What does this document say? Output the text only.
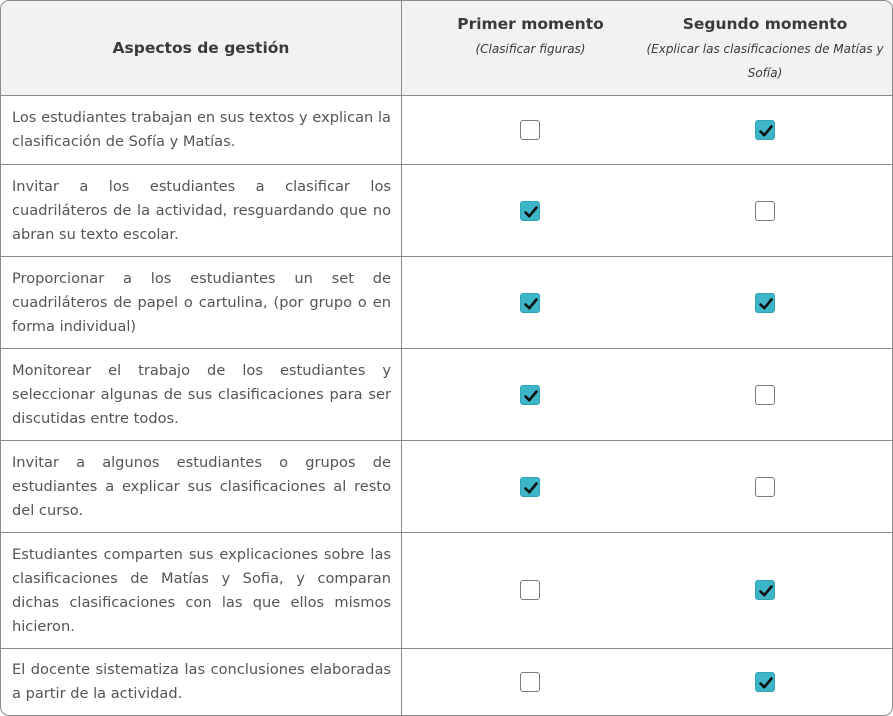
Aspectos de gestión
Primer momento
(Clasificar figuras)
Segundo momento
(Explicar las clasificaciones de Matías y
Sofía)
Los estudiantes trabajan en sus textos y explican la clasificación de Sofía y Matías.
Invitar a los estudiantes a clasificar los cuadriláteros de la actividad, resguardando que no abran su texto escolar.
Proporcionar a los estudiantes un set de cuadriláteros de papel o cartulina, (por grupo o en forma individual)
Monitorear el trabajo de los estudiantes y seleccionar algunas de sus clasificaciones para ser discutidas entre todos.
Invitar a algunos estudiantes o grupos de estudiantes a explicar sus clasificaciones al resto del curso.
Estudiantes comparten sus explicaciones sobre las clasificaciones de Matías y Sofia, y comparan dichas clasificaciones con las que ellos mismos hicieron.
El docente sistematiza las conclusiones elaboradas a partir de la actividad.
